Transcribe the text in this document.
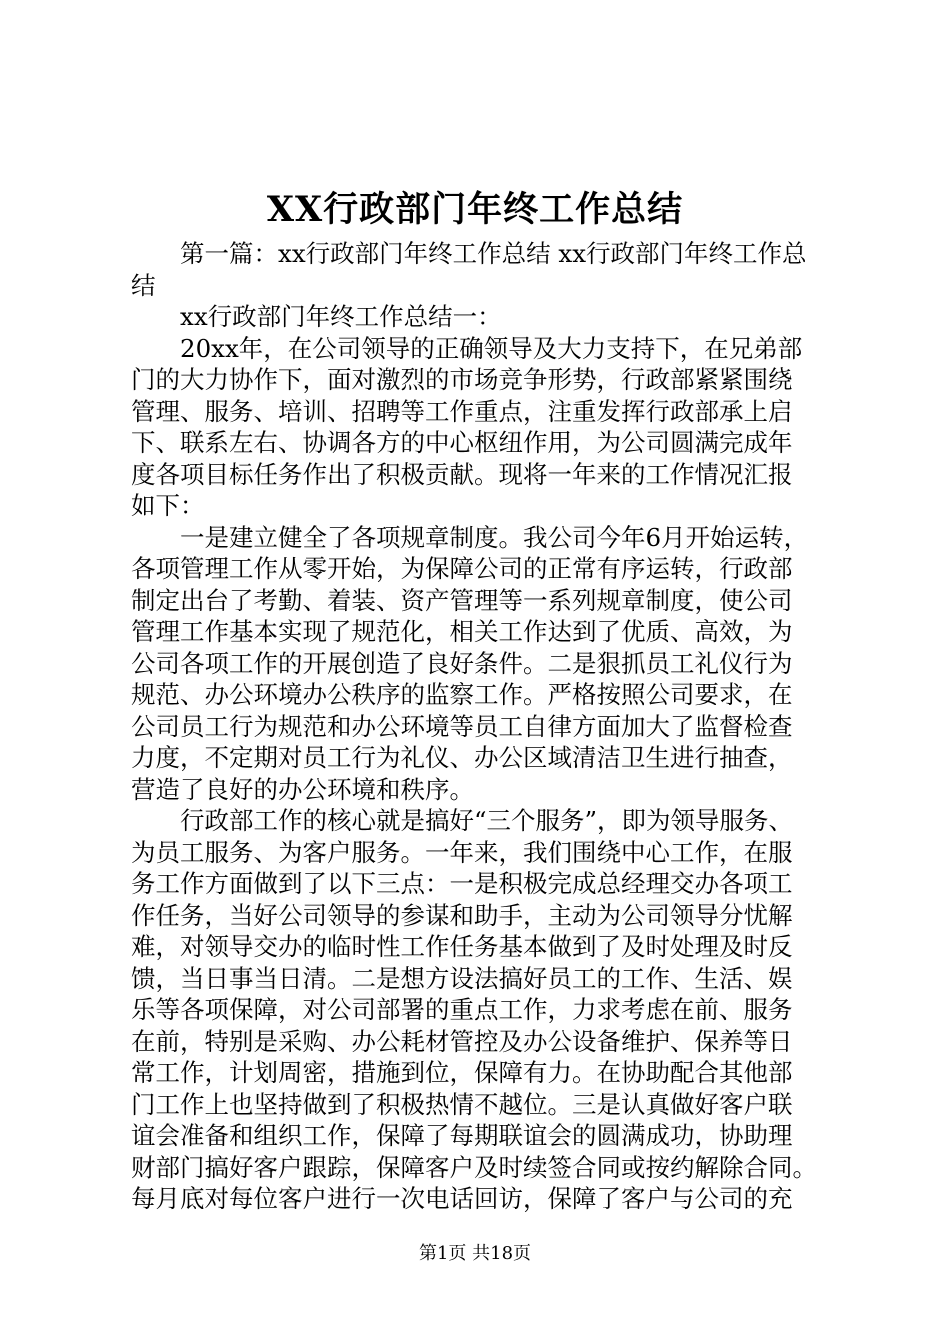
XX行政部门年终工作总结
第一篇：xx行政部门年终工作总结 xx行政部门年终工作总
结
xx行政部门年终工作总结一：
20xx年，在公司领导的正确领导及大力支持下，在兄弟部
门的大力协作下，面对激烈的市场竞争形势，行政部紧紧围绕
管理、服务、培训、招聘等工作重点，注重发挥行政部承上启
下、联系左右、协调各方的中心枢纽作用，为公司圆满完成年
度各项目标任务作出了积极贡献。现将一年来的工作情况汇报
如下：
一是建立健全了各项规章制度。我公司今年6月开始运转，
各项管理工作从零开始，为保障公司的正常有序运转，行政部
制定出台了考勤、着装、资产管理等一系列规章制度，使公司
管理工作基本实现了规范化，相关工作达到了优质、高效，为
公司各项工作的开展创造了良好条件。二是狠抓员工礼仪行为
规范、办公环境办公秩序的监察工作。严格按照公司要求，在
公司员工行为规范和办公环境等员工自律方面加大了监督检查
力度，不定期对员工行为礼仪、办公区域清洁卫生进行抽查，
营造了良好的办公环境和秩序。
行政部工作的核心就是搞好“三个服务”，即为领导服务、
为员工服务、为客户服务。一年来，我们围绕中心工作，在服
务工作方面做到了以下三点：一是积极完成总经理交办各项工
作任务，当好公司领导的参谋和助手，主动为公司领导分忧解
难，对领导交办的临时性工作任务基本做到了及时处理及时反
馈，当日事当日清。二是想方设法搞好员工的工作、生活、娱
乐等各项保障，对公司部署的重点工作，力求考虑在前、服务
在前，特别是采购、办公耗材管控及办公设备维护、保养等日
常工作，计划周密，措施到位，保障有力。在协助配合其他部
门工作上也坚持做到了积极热情不越位。三是认真做好客户联
谊会准备和组织工作，保障了每期联谊会的圆满成功，协助理
财部门搞好客户跟踪，保障客户及时续签合同或按约解除合同。
每月底对每位客户进行一次电话回访，保障了客户与公司的充
第1页 共18页
